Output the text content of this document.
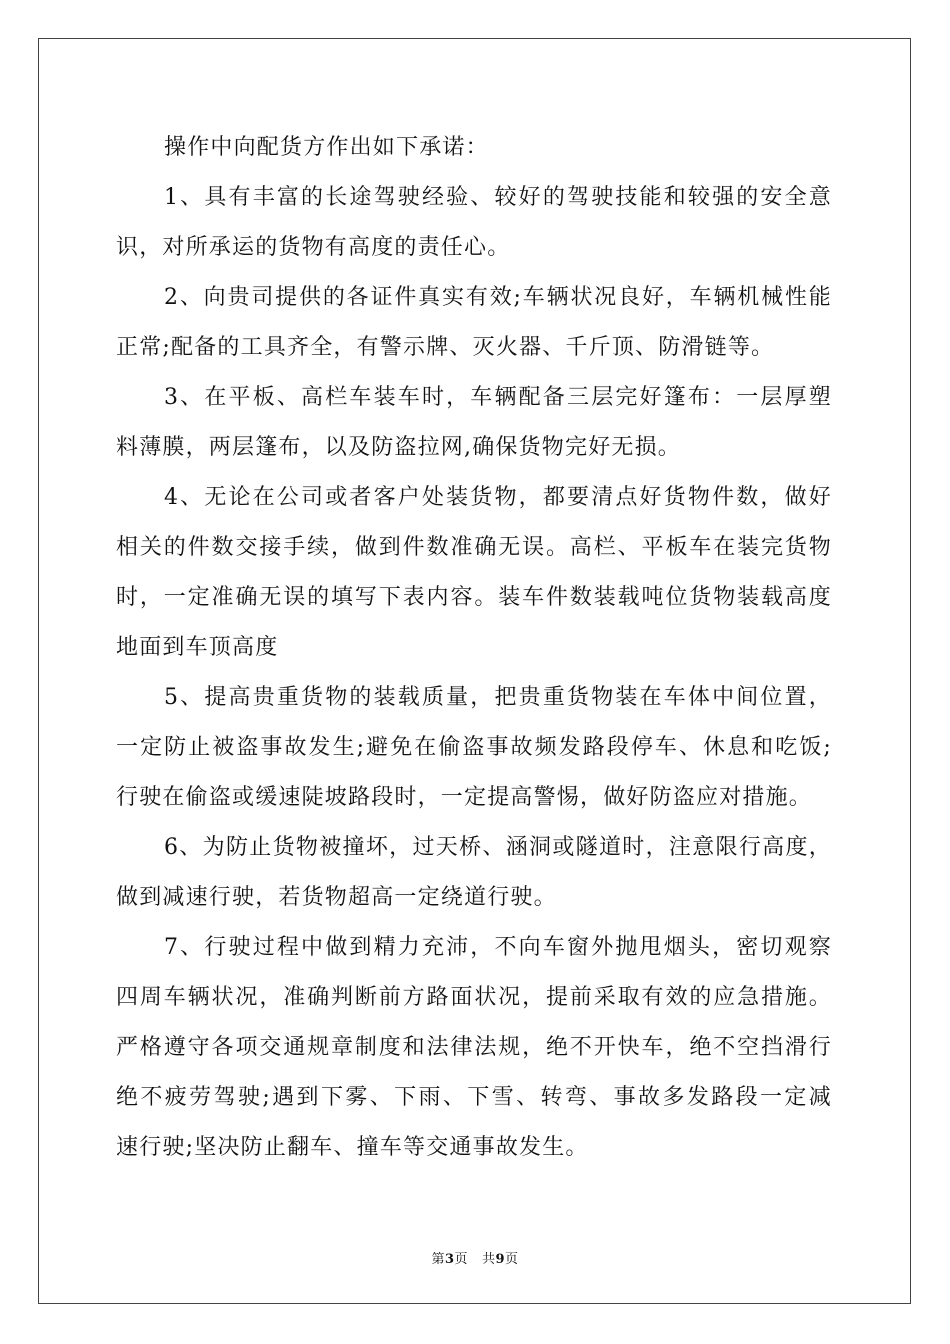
操作中向配货方作出如下承诺：
1、具有丰富的长途驾驶经验、较好的驾驶技能和较强的安全意
识，对所承运的货物有高度的责任心。
2、向贵司提供的各证件真实有效;车辆状况良好，车辆机械性能
正常;配备的工具齐全，有警示牌、灭火器、千斤顶、防滑链等。
3、在平板、高栏车装车时，车辆配备三层完好篷布：一层厚塑
料薄膜，两层篷布，以及防盗拉网,确保货物完好无损。
4、无论在公司或者客户处装货物，都要清点好货物件数，做好
相关的件数交接手续，做到件数准确无误。高栏、平板车在装完货物
时，一定准确无误的填写下表内容。装车件数装载吨位货物装载高度
地面到车顶高度
5、提高贵重货物的装载质量，把贵重货物装在车体中间位置，
一定防止被盗事故发生;避免在偷盗事故频发路段停车、休息和吃饭;
行驶在偷盗或缓速陡坡路段时，一定提高警惕，做好防盗应对措施。
6、为防止货物被撞坏，过天桥、涵洞或隧道时，注意限行高度，
做到减速行驶，若货物超高一定绕道行驶。
7、行驶过程中做到精力充沛，不向车窗外抛甩烟头，密切观察
四周车辆状况，准确判断前方路面状况，提前采取有效的应急措施。
严格遵守各项交通规章制度和法律法规，绝不开快车，绝不空挡滑行
绝不疲劳驾驶;遇到下雾、下雨、下雪、转弯、事故多发路段一定减
速行驶;坚决防止翻车、撞车等交通事故发生。
第3页 共9页
